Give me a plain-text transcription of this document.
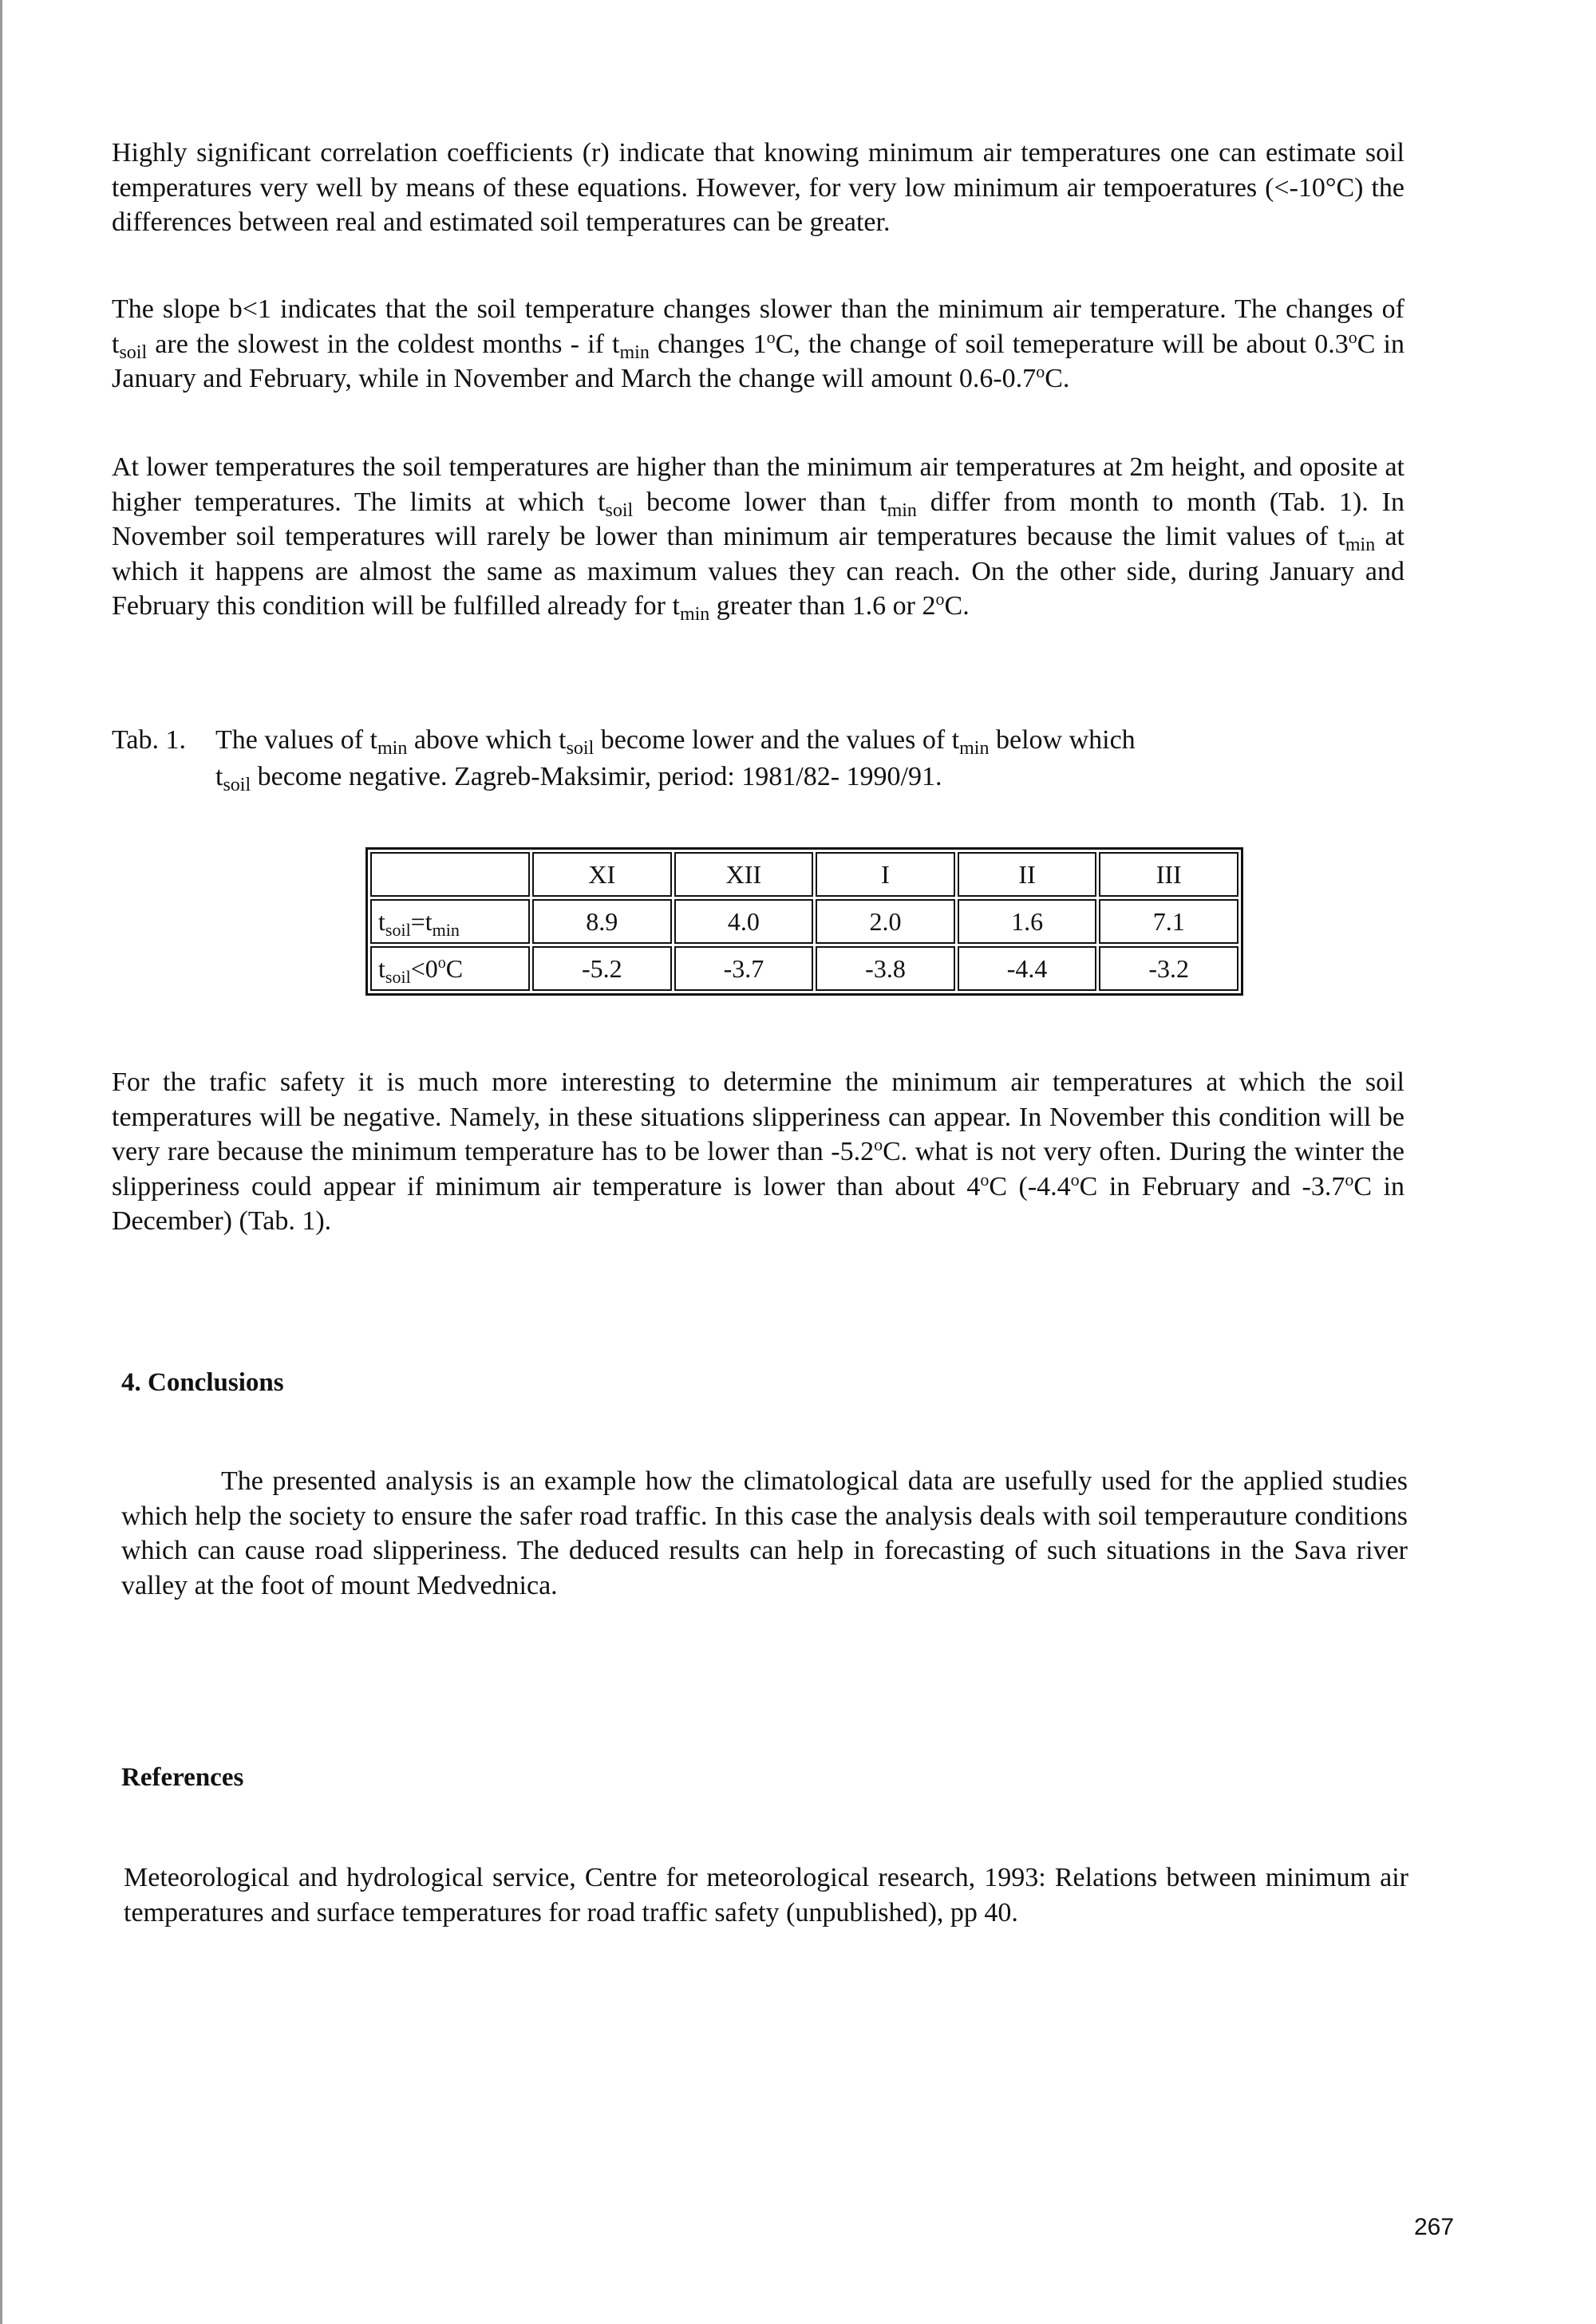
Highly significant correlation coefficients (r) indicate that knowing minimum air temperatures one can estimate soil temperatures very well by means of these equations. However, for very low minimum air tempoeratures (<-10°C) the differences between real and estimated soil temperatures can be greater.

The slope b<1 indicates that the soil temperature changes slower than the minimum air temperature. The changes of $t_{soil}$ are the slowest in the coldest months - if $t_{min}$ changes 1$^o$C, the change of soil temeperature will be about 0.3$^o$C in January and February, while in November and March the change will amount 0.6-0.7$^o$C.

At lower temperatures the soil temperatures are higher than the minimum air temperatures at 2m height, and oposite at higher temperatures. The limits at which $t_{soil}$ become lower than $t_{min}$ differ from month to month (Tab. 1). In November soil temperatures will rarely be lower than minimum air temperatures because the limit values of $t_{min}$ at which it happens are almost the same as maximum values they can reach. On the other side, during January and February this condition will be fulfilled already for $t_{min}$ greater than 1.6 or 2$^o$C.

Tab. 1. The values of $t_{min}$ above which $t_{soil}$ become lower and the values of $t_{min}$ below which
$t_{soil}$ become negative. Zagreb-Maksimir, period: 1981/82- 1990/91.
	XI	XII	I	II	III
$t_{soil}=t_{min}$	8.9	4.0	2.0	1.6	7.1
$t_{soil}<0^oC$	-5.2	-3.7	-3.8	-4.4	-3.2

For the trafic safety it is much more interesting to determine the minimum air temperatures at which the soil temperatures will be negative. Namely, in these situations slipperiness can appear. In November this condition will be very rare because the minimum temperature has to be lower than -5.2$^o$C. what is not very often. During the winter the slipperiness could appear if minimum air temperature is lower than about 4$^o$C (-4.4$^o$C in February and -3.7$^o$C in December) (Tab. 1).

4. Conclusions

The presented analysis is an example how the climatological data are usefully used for the applied studies which help the society to ensure the safer road traffic. In this case the analysis deals with soil temperauture conditions which can cause road slipperiness. The deduced results can help in forecasting of such situations in the Sava river valley at the foot of mount Medvednica.

References

Meteorological and hydrological service, Centre for meteorological research, 1993: Relations between minimum air temperatures and surface temperatures for road traffic safety (unpublished), pp 40.

267
